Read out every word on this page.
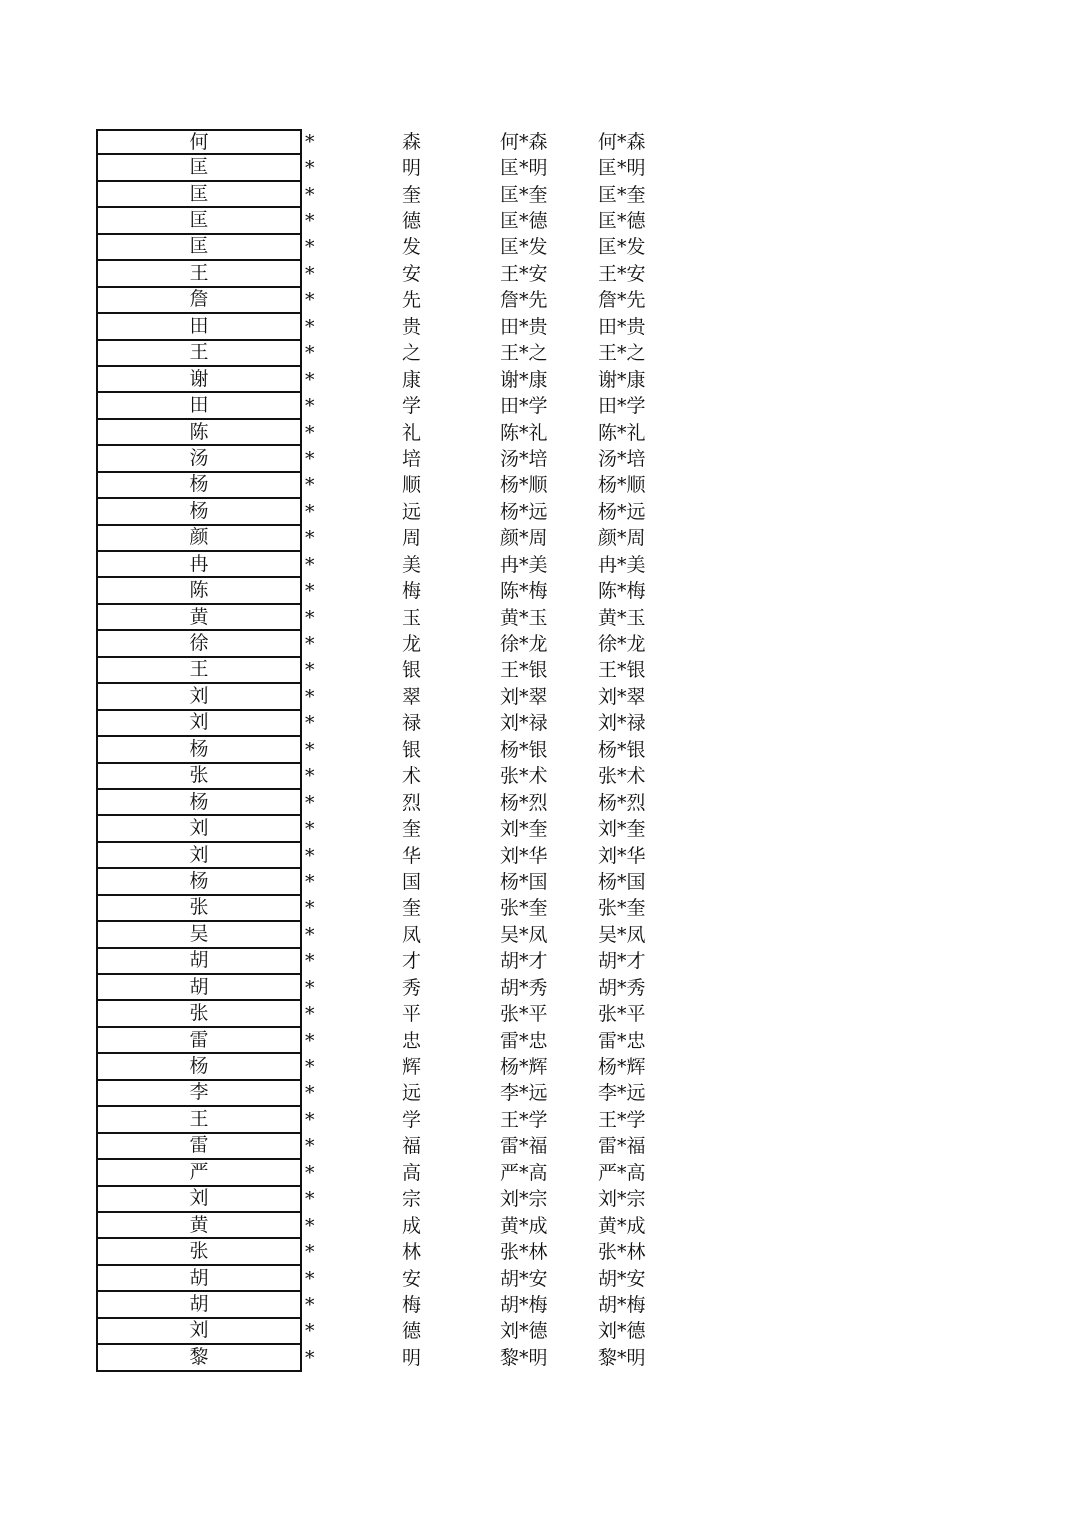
何	*	森	何*森	何*森
匡	*	明	匡*明	匡*明
匡	*	奎	匡*奎	匡*奎
匡	*	德	匡*德	匡*德
匡	*	发	匡*发	匡*发
王	*	安	王*安	王*安
詹	*	先	詹*先	詹*先
田	*	贵	田*贵	田*贵
王	*	之	王*之	王*之
谢	*	康	谢*康	谢*康
田	*	学	田*学	田*学
陈	*	礼	陈*礼	陈*礼
汤	*	培	汤*培	汤*培
杨	*	顺	杨*顺	杨*顺
杨	*	远	杨*远	杨*远
颜	*	周	颜*周	颜*周
冉	*	美	冉*美	冉*美
陈	*	梅	陈*梅	陈*梅
黄	*	玉	黄*玉	黄*玉
徐	*	龙	徐*龙	徐*龙
王	*	银	王*银	王*银
刘	*	翠	刘*翠	刘*翠
刘	*	禄	刘*禄	刘*禄
杨	*	银	杨*银	杨*银
张	*	术	张*术	张*术
杨	*	烈	杨*烈	杨*烈
刘	*	奎	刘*奎	刘*奎
刘	*	华	刘*华	刘*华
杨	*	国	杨*国	杨*国
张	*	奎	张*奎	张*奎
吴	*	凤	吴*凤	吴*凤
胡	*	才	胡*才	胡*才
胡	*	秀	胡*秀	胡*秀
张	*	平	张*平	张*平
雷	*	忠	雷*忠	雷*忠
杨	*	辉	杨*辉	杨*辉
李	*	远	李*远	李*远
王	*	学	王*学	王*学
雷	*	福	雷*福	雷*福
严	*	高	严*高	严*高
刘	*	宗	刘*宗	刘*宗
黄	*	成	黄*成	黄*成
张	*	林	张*林	张*林
胡	*	安	胡*安	胡*安
胡	*	梅	胡*梅	胡*梅
刘	*	德	刘*德	刘*德
黎	*	明	黎*明	黎*明
